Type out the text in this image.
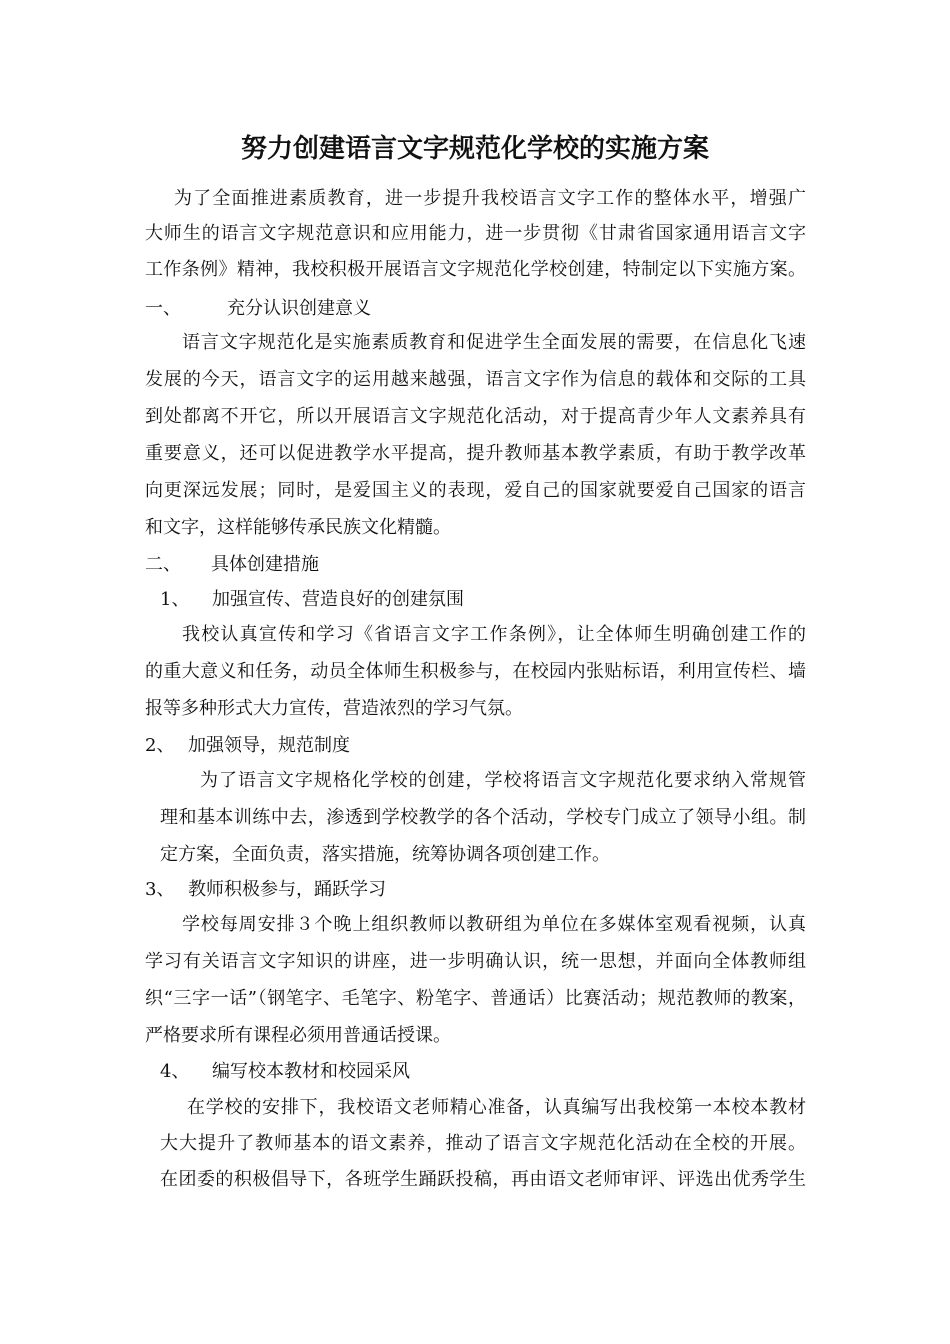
努力创建语言文字规范化学校的实施方案
为了全面推进素质教育，进一步提升我校语言文字工作的整体水平，增强广
大师生的语言文字规范意识和应用能力，进一步贯彻《甘肃省国家通用语言文字
工作条例》精神，我校积极开展语言文字规范化学校创建，特制定以下实施方案。
一、	充分认识创建意义
语言文字规范化是实施素质教育和促进学生全面发展的需要，在信息化飞速
发展的今天，语言文字的运用越来越强，语言文字作为信息的载体和交际的工具
到处都离不开它，所以开展语言文字规范化活动，对于提高青少年人文素养具有
重要意义，还可以促进教学水平提高，提升教师基本教学素质，有助于教学改革
向更深远发展；同时，是爱国主义的表现，爱自己的国家就要爱自己国家的语言
和文字，这样能够传承民族文化精髓。
二、 具体创建措施
1、 加强宣传、营造良好的创建氛围
我校认真宣传和学习《省语言文字工作条例》，让全体师生明确创建工作的
的重大意义和任务，动员全体师生积极参与，在校园内张贴标语，利用宣传栏、墙
报等多种形式大力宣传，营造浓烈的学习气氛。
2、 加强领导，规范制度
为了语言文字规格化学校的创建，学校将语言文字规范化要求纳入常规管
理和基本训练中去，渗透到学校教学的各个活动，学校专门成立了领导小组。制
定方案，全面负责，落实措施，统筹协调各项创建工作。
3、 教师积极参与，踊跃学习
学校每周安排３个晚上组织教师以教研组为单位在多媒体室观看视频，认真
学习有关语言文字知识的讲座，进一步明确认识，统一思想，并面向全体教师组
织“三字一话”（钢笔字、毛笔字、粉笔字、普通话）比赛活动；规范教师的教案，
严格要求所有课程必须用普通话授课。
4、 编写校本教材和校园采风
在学校的安排下，我校语文老师精心准备，认真编写出我校第一本校本教材
大大提升了教师基本的语文素养，推动了语言文字规范化活动在全校的开展。
在团委的积极倡导下，各班学生踊跃投稿，再由语文老师审评、评选出优秀学生
